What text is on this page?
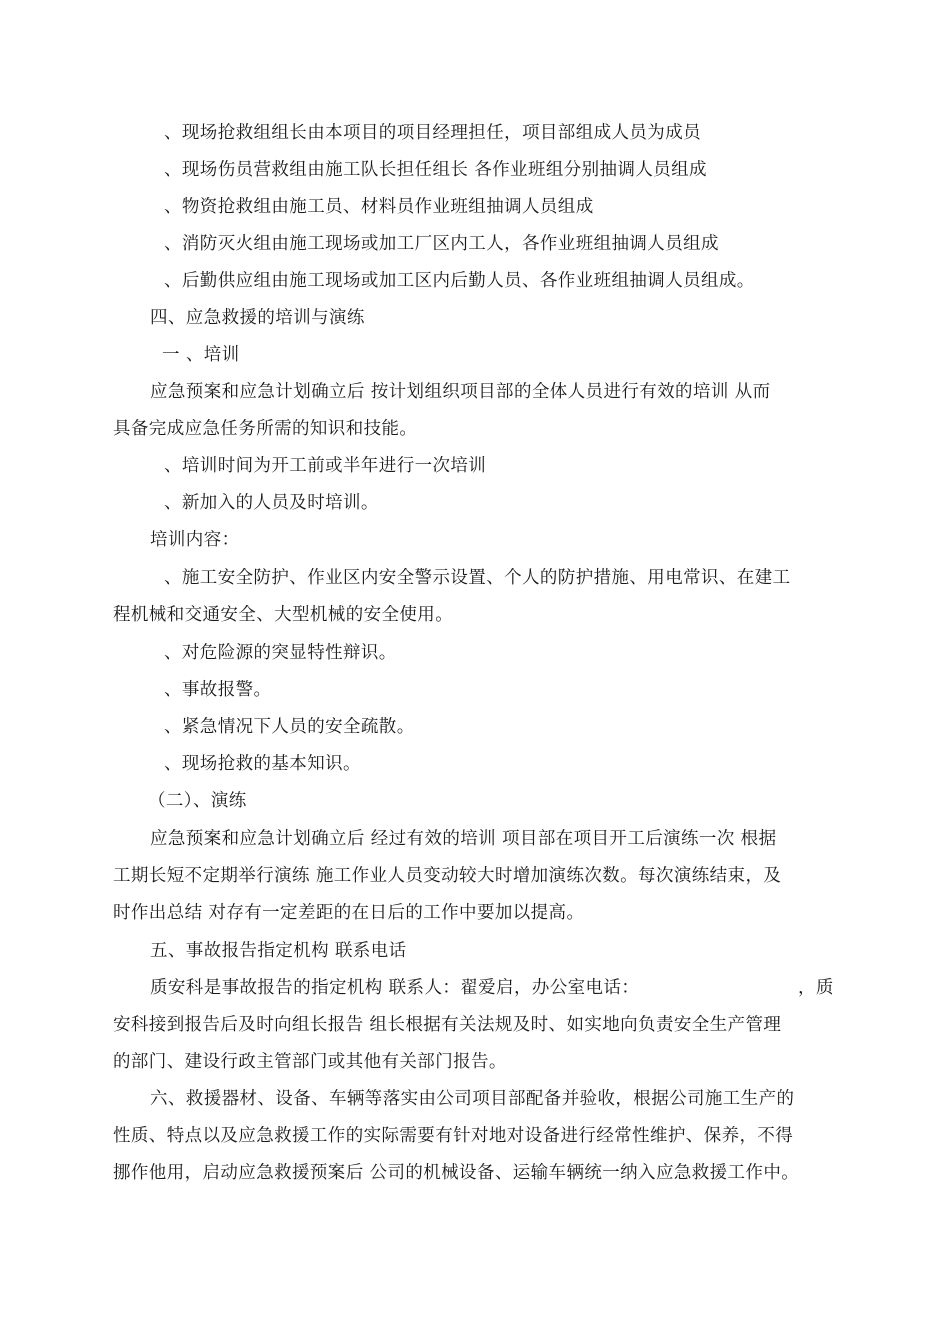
、现场抢救组组长由本项目的项目经理担任，项目部组成人员为成员
、现场伤员营救组由施工队长担任组长 各作业班组分别抽调人员组成
、物资抢救组由施工员、材料员作业班组抽调人员组成
、消防灭火组由施工现场或加工厂区内工人，各作业班组抽调人员组成
、后勤供应组由施工现场或加工区内后勤人员、各作业班组抽调人员组成。
四、应急救援的培训与演练
一 、培训
应急预案和应急计划确立后 按计划组织项目部的全体人员进行有效的培训 从而
具备完成应急任务所需的知识和技能。
、培训时间为开工前或半年进行一次培训
、新加入的人员及时培训。
培训内容：
、施工安全防护、作业区内安全警示设置、个人的防护措施、用电常识、在建工
程机械和交通安全、大型机械的安全使用。
、对危险源的突显特性辩识。
、事故报警。
、紧急情况下人员的安全疏散。
、现场抢救的基本知识。
（二）、演练
应急预案和应急计划确立后 经过有效的培训 项目部在项目开工后演练一次 根据
工期长短不定期举行演练 施工作业人员变动较大时增加演练次数。每次演练结束，及
时作出总结 对存有一定差距的在日后的工作中要加以提高。
五、事故报告指定机构 联系电话
质安科是事故报告的指定机构 联系人：翟爱启，办公室电话：	，质
安科接到报告后及时向组长报告 组长根据有关法规及时、如实地向负责安全生产管理
的部门、建设行政主管部门或其他有关部门报告。
六、救援器材、设备、车辆等落实由公司项目部配备并验收，根据公司施工生产的
性质、特点以及应急救援工作的实际需要有针对地对设备进行经常性维护、保养，不得
挪作他用，启动应急救援预案后 公司的机械设备、运输车辆统一纳入应急救援工作中。
